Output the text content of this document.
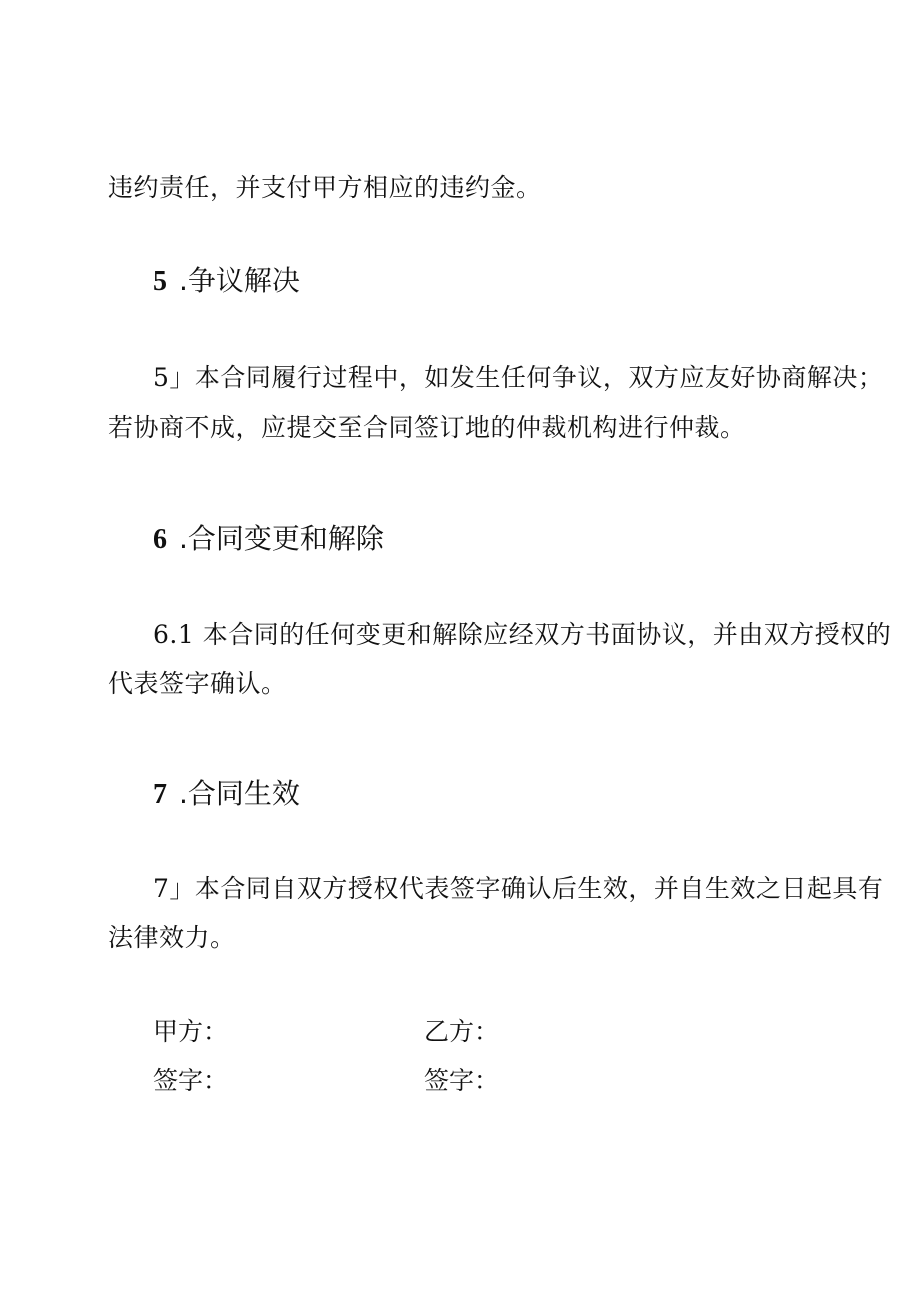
违约责任，并支付甲方相应的违约金。
5 .争议解决
5」本合同履行过程中，如发生任何争议，双方应友好协商解决；
若协商不成，应提交至合同签订地的仲裁机构进行仲裁。
6 .合同变更和解除
6.1 本合同的任何变更和解除应经双方书面协议，并由双方授权的
代表签字确认。
7 .合同生效
7」本合同自双方授权代表签字确认后生效，并自生效之日起具有
法律效力。
甲方：	乙方：
签字：	签字：
